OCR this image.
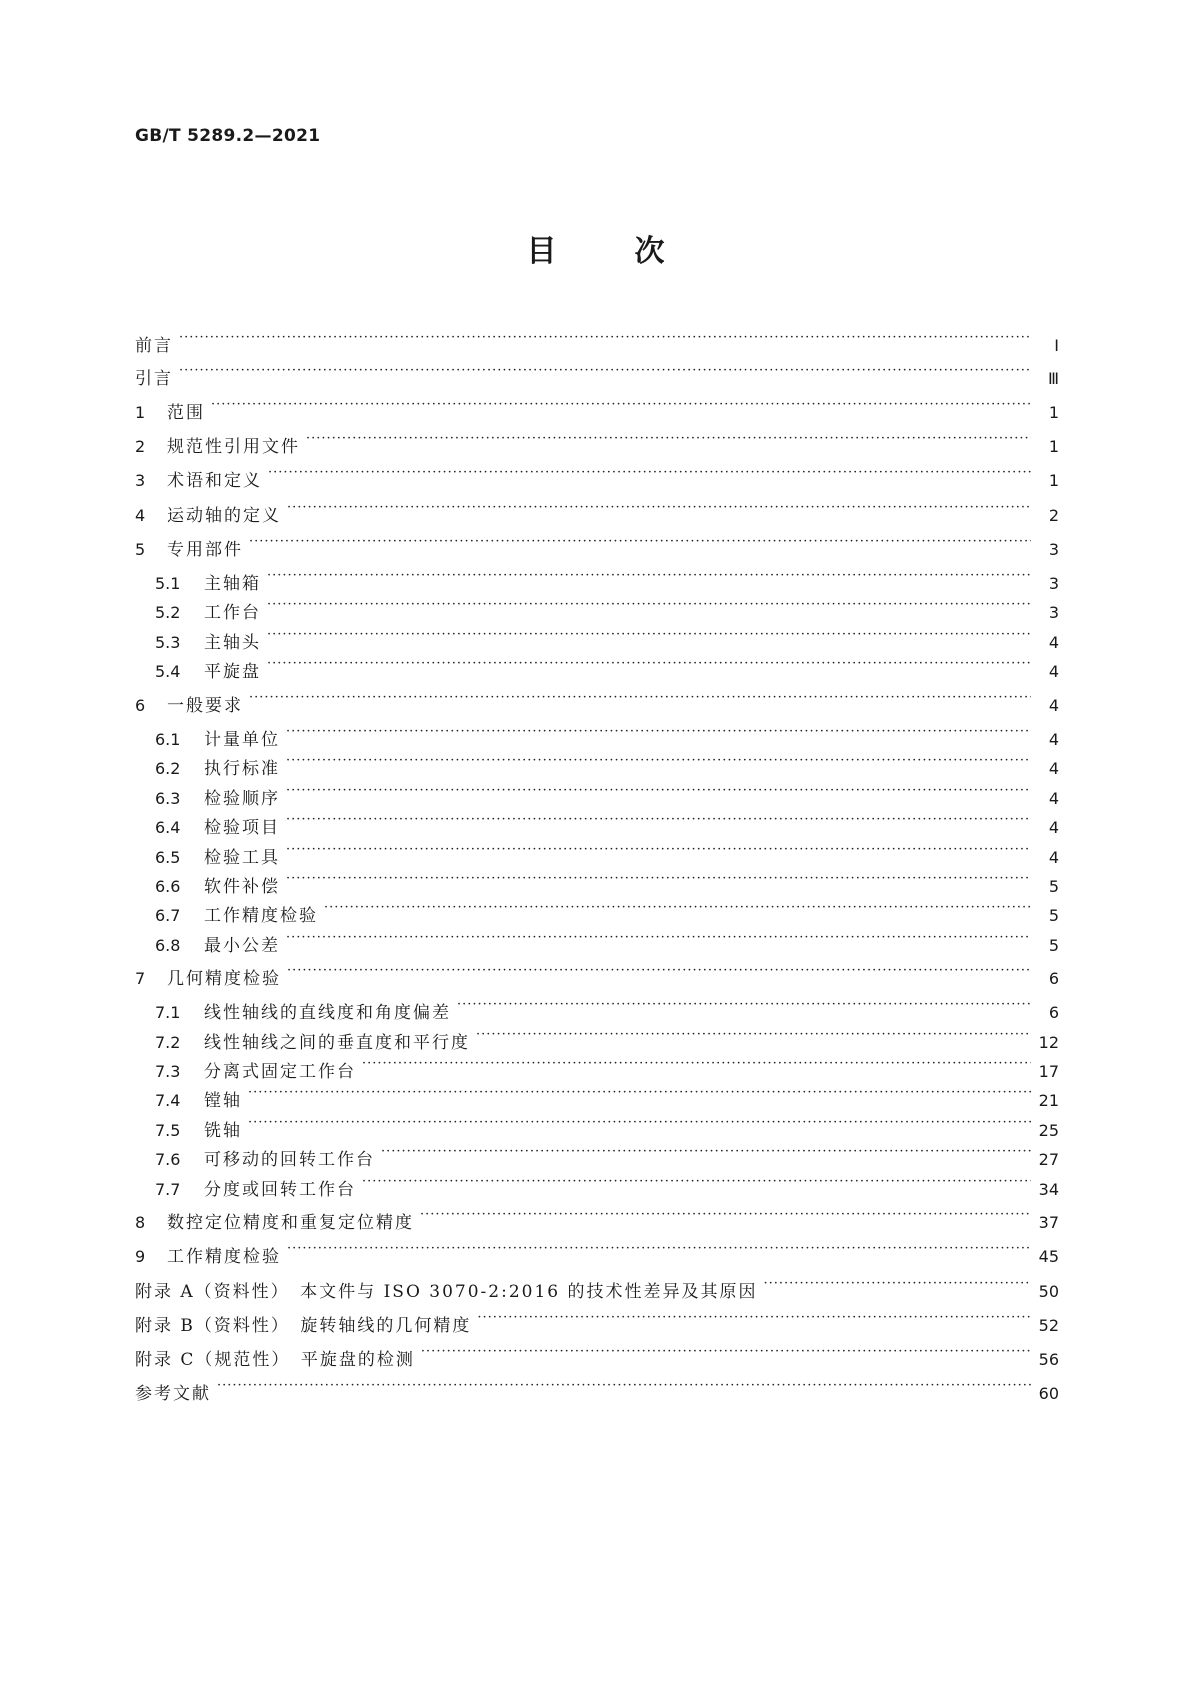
GB/T 5289.2—2021
目	次
前言 ·····	Ⅰ
引言 ·····	Ⅲ
1	范围 ·····	1
2	规范性引用文件 ·····	1
3	术语和定义 ·····	1
4	运动轴的定义 ·····	2
5	专用部件 ·····	3
5.1	主轴箱 ·····	3
5.2	工作台 ·····	3
5.3	主轴头 ·····	4
5.4	平旋盘 ·····	4
6	一般要求 ·····	4
6.1	计量单位 ·····	4
6.2	执行标准 ·····	4
6.3	检验顺序 ·····	4
6.4	检验项目 ·····	4
6.5	检验工具 ·····	4
6.6	软件补偿 ·····	5
6.7	工作精度检验 ·····	5
6.8	最小公差 ·····	5
7	几何精度检验 ·····	6
7.1	线性轴线的直线度和角度偏差 ·····	6
7.2	线性轴线之间的垂直度和平行度 ·····	12
7.3	分离式固定工作台 ·····	17
7.4	镗轴 ·····	21
7.5	铣轴 ·····	25
7.6	可移动的回转工作台 ·····	27
7.7	分度或回转工作台 ·····	34
8	数控定位精度和重复定位精度 ·····	37
9	工作精度检验 ·····	45
附录 A（资料性）　本文件与 ISO 3070-2:2016 的技术性差异及其原因 ·····	50
附录 B（资料性）　旋转轴线的几何精度 ·····	52
附录 C（规范性）　平旋盘的检测 ·····	56
参考文献 ·····	60
